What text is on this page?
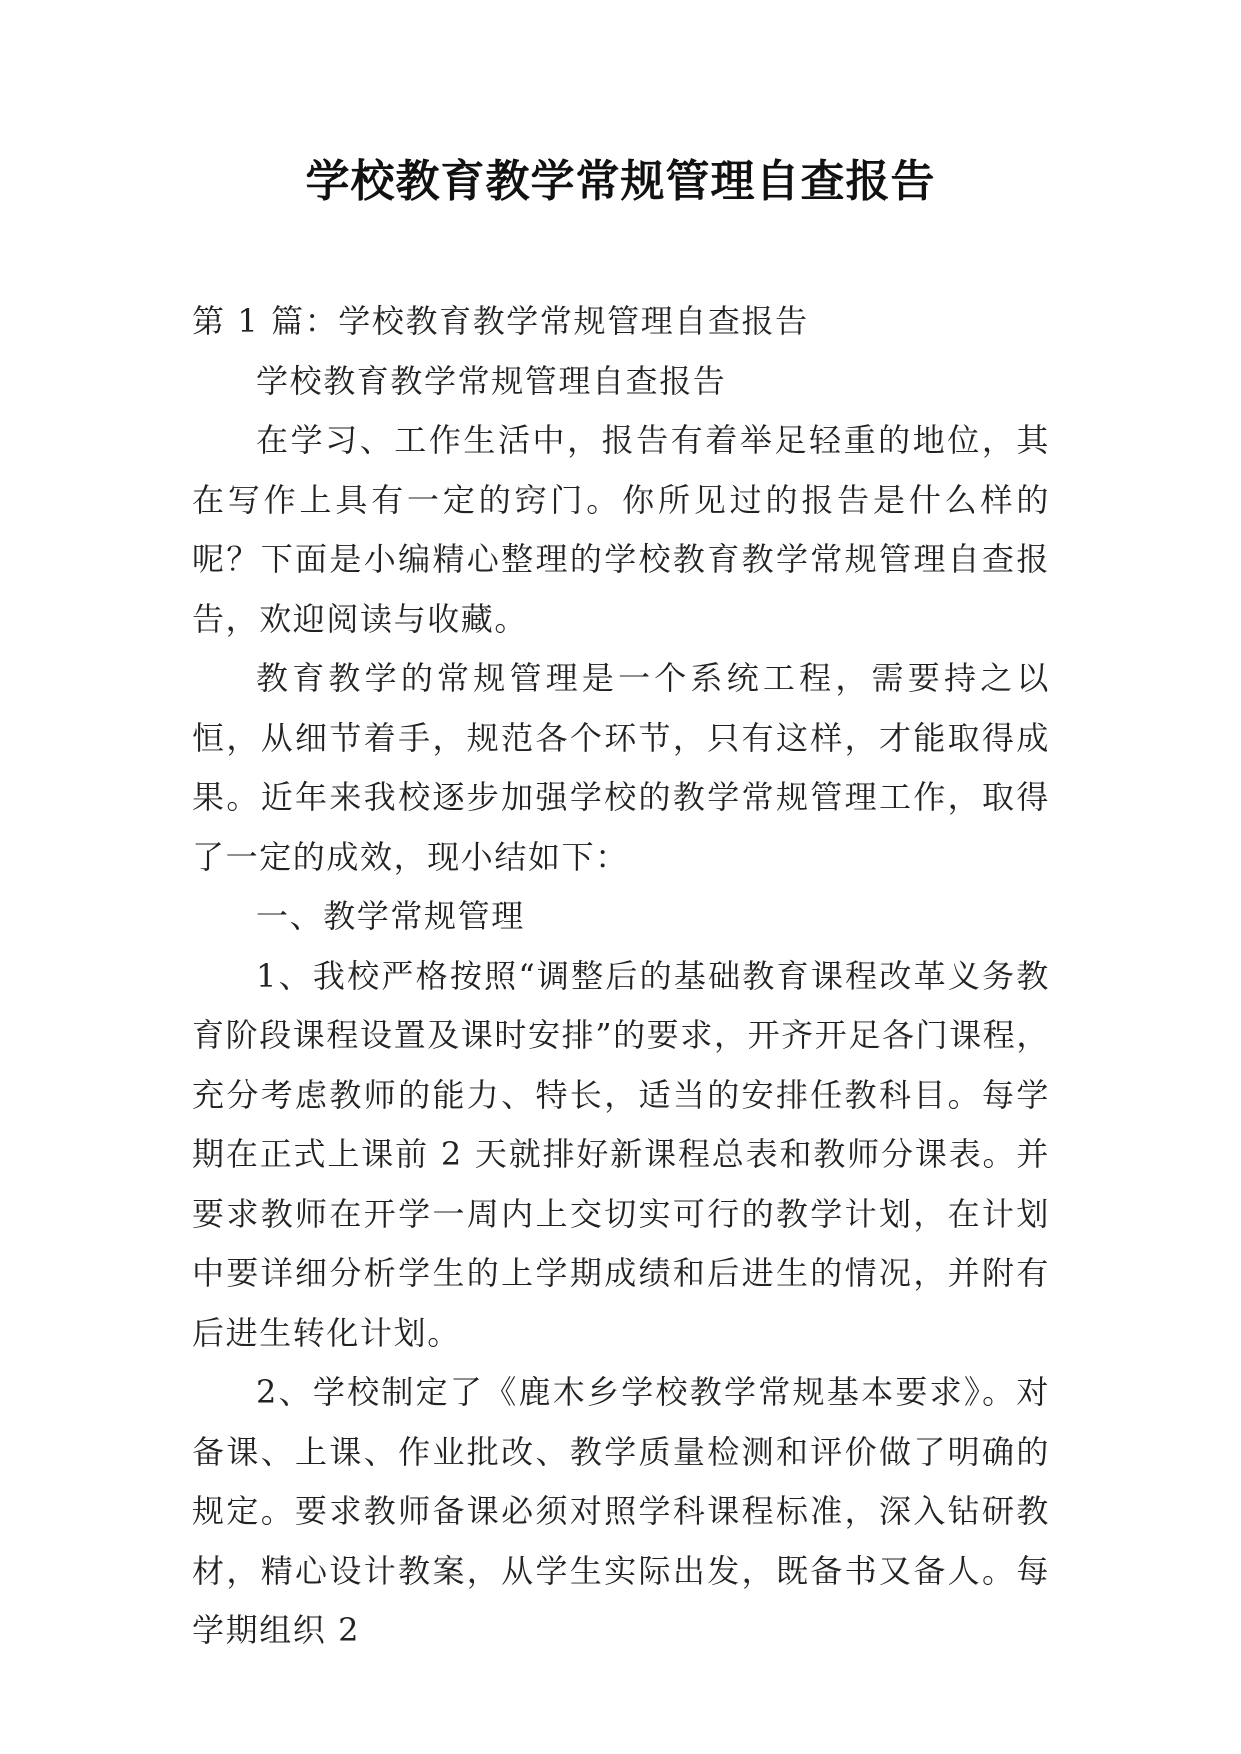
学校教育教学常规管理自查报告

第 1 篇：学校教育教学常规管理自查报告

学校教育教学常规管理自查报告

在学习、工作生活中，报告有着举足轻重的地位，其在写作上具有一定的窍门。你所见过的报告是什么样的呢？下面是小编精心整理的学校教育教学常规管理自查报告，欢迎阅读与收藏。

教育教学的常规管理是一个系统工程，需要持之以恒，从细节着手，规范各个环节，只有这样，才能取得成果。近年来我校逐步加强学校的教学常规管理工作，取得了一定的成效，现小结如下：

一、教学常规管理

1、我校严格按照“调整后的基础教育课程改革义务教育阶段课程设置及课时安排”的要求，开齐开足各门课程，充分考虑教师的能力、特长，适当的安排任教科目。每学期在正式上课前 2 天就排好新课程总表和教师分课表。并要求教师在开学一周内上交切实可行的教学计划，在计划中要详细分析学生的上学期成绩和后进生的情况，并附有后进生转化计划。

2、学校制定了《鹿木乡学校教学常规基本要求》。对备课、上课、作业批改、教学质量检测和评价做了明确的规定。要求教师备课必须对照学科课程标准，深入钻研教材，精心设计教案，从学生实际出发，既备书又备人。每学期组织 2
